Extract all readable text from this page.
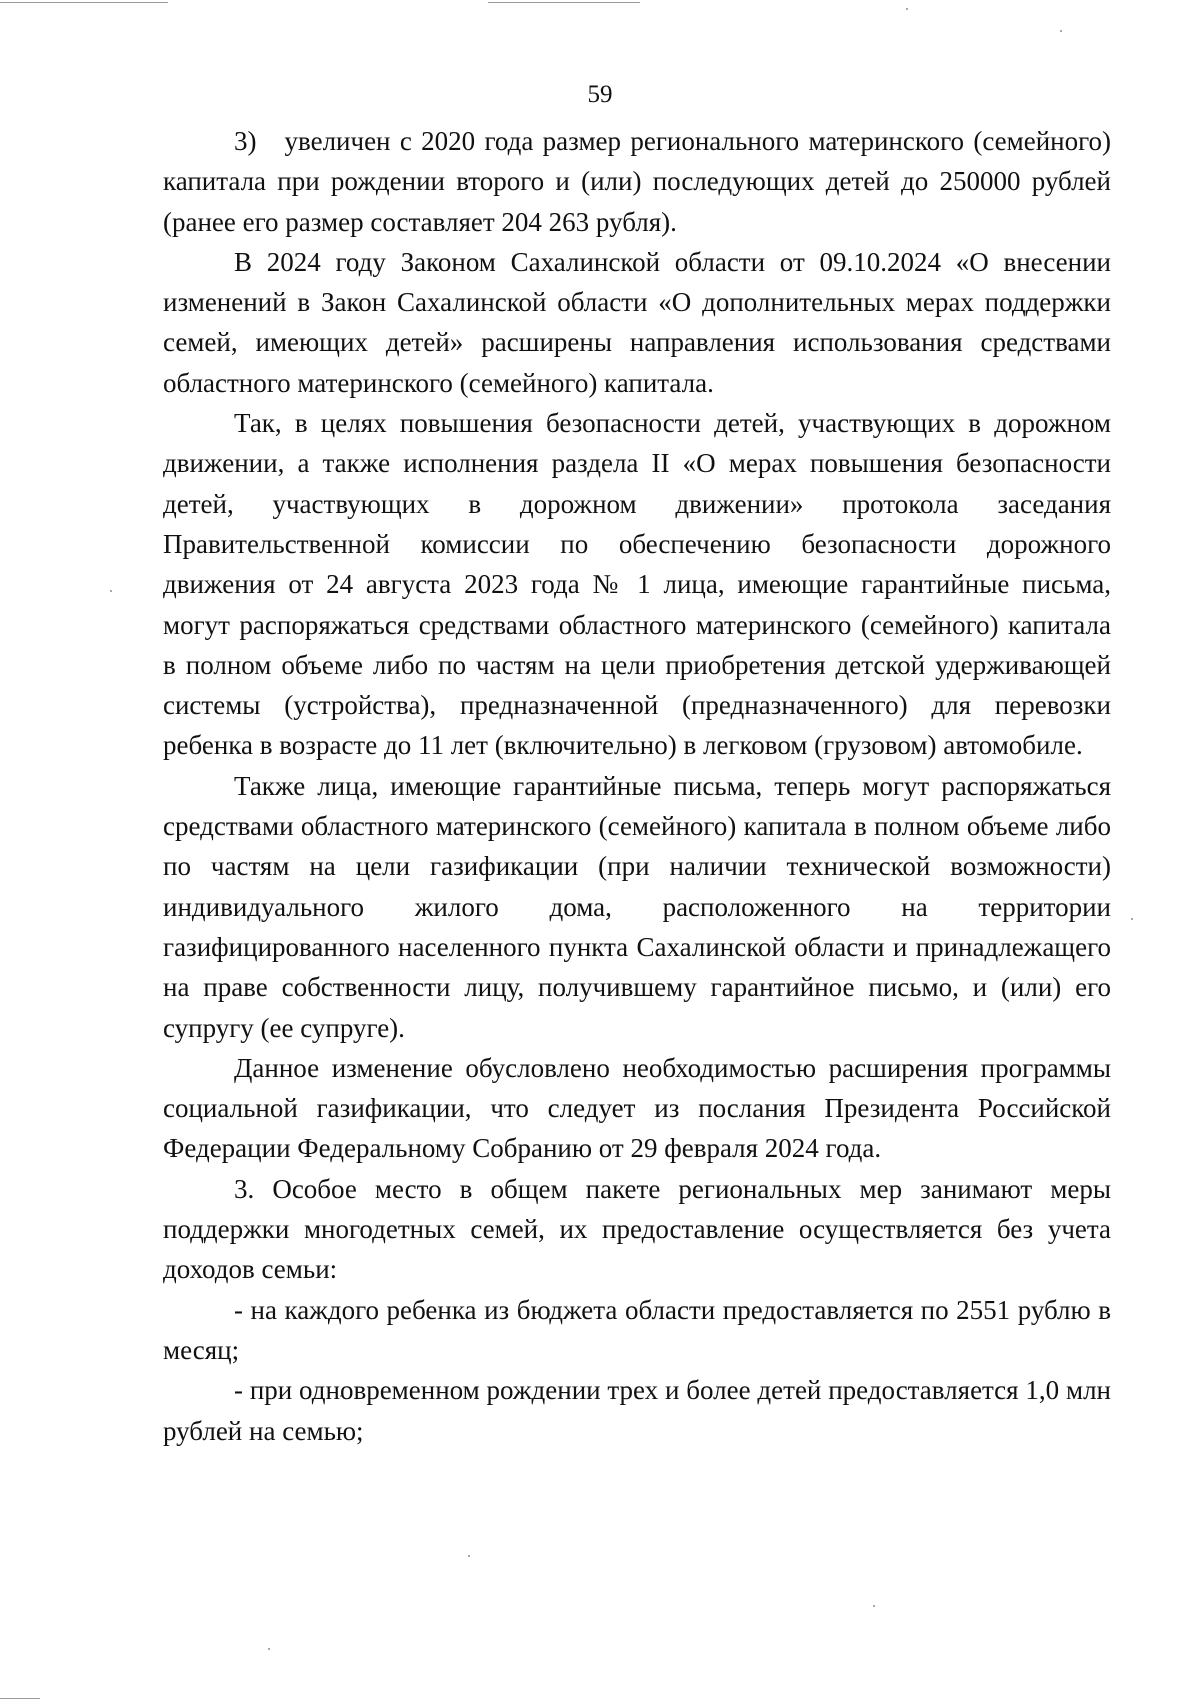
59

3)   увеличен с 2020 года размер регионального материнского (семейного) капитала при рождении второго и (или) последующих детей до 250000 рублей (ранее его размер составляет 204 263 рубля).

В 2024 году Законом Сахалинской области от 09.10.2024 «О внесении изменений в Закон Сахалинской области «О дополнительных мерах поддержки семей, имеющих детей» расширены направления использования средствами областного материнского (семейного) капитала.

Так, в целях повышения безопасности детей, участвующих в дорожном движении, а также исполнения раздела II «О мерах повышения безопасности детей, участвующих в дорожном движении» протокола заседания Правительственной комиссии по обеспечению безопасности дорожного движения от 24 августа 2023 года № 1 лица, имеющие гарантийные письма, могут распоряжаться средствами областного материнского (семейного) капитала в полном объеме либо по частям на цели приобретения детской удерживающей системы (устройства), предназначенной (предназначенного) для перевозки ребенка в возрасте до 11 лет (включительно) в легковом (грузовом) автомобиле.

Также лица, имеющие гарантийные письма, теперь могут распоряжаться средствами областного материнского (семейного) капитала в полном объеме либо по частям на цели газификации (при наличии технической возможности) индивидуального жилого дома, расположенного на территории газифицированного населенного пункта Сахалинской области и принадлежащего на праве собственности лицу, получившему гарантийное письмо, и (или) его супругу (ее супруге).

Данное изменение обусловлено необходимостью расширения программы социальной газификации, что следует из послания Президента Российской Федерации Федеральному Собранию от 29 февраля 2024 года.

3. Особое место в общем пакете региональных мер занимают меры поддержки многодетных семей, их предоставление осуществляется без учета доходов семьи:

- на каждого ребенка из бюджета области предоставляется по 2551 рублю в месяц;

- при одновременном рождении трех и более детей предоставляется 1,0 млн рублей на семью;
